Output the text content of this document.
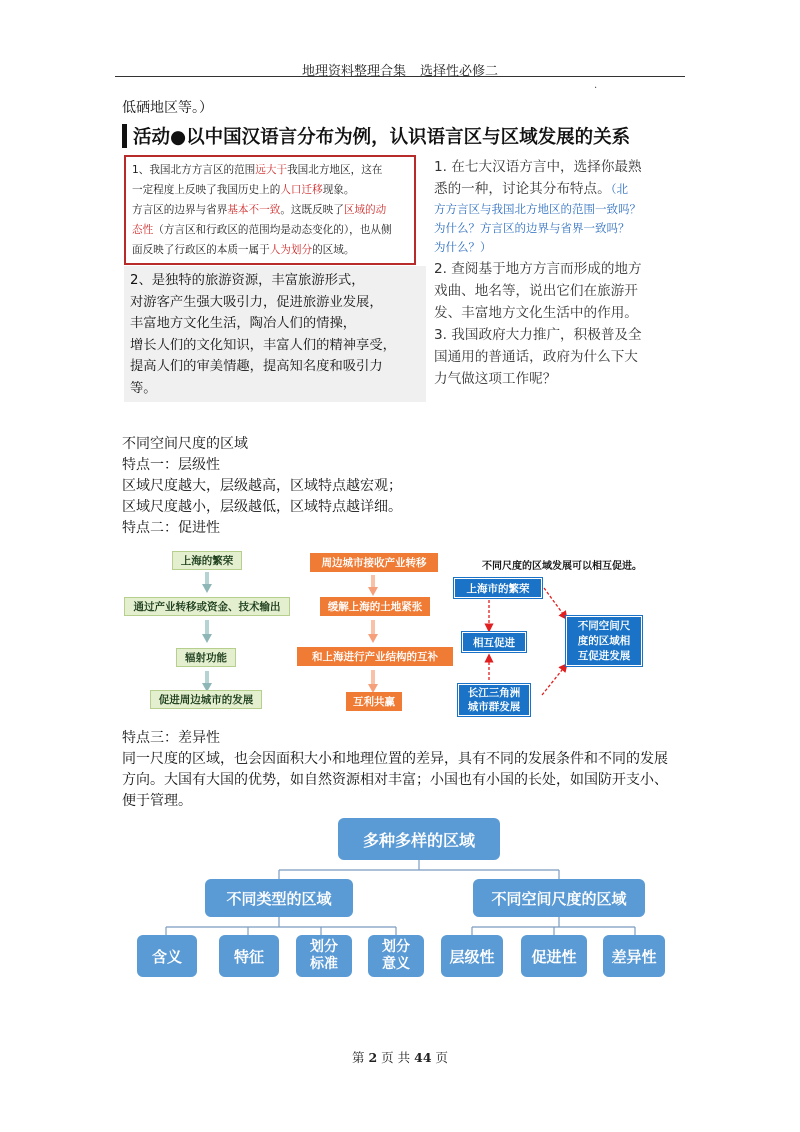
地理资料整理合集 选择性必修二
.
低硒地区等。）
活动●以中国汉语言分布为例，认识语言区与区域发展的关系
1、我国北方方言区的范围远大于我国北方地区，这在
一定程度上反映了我国历史上的人口迁移现象。
方言区的边界与省界基本不一致。这既反映了区域的动
态性（方言区和行政区的范围均是动态变化的），也从侧
面反映了行政区的本质一属于人为划分的区域。
2、是独特的旅游资源，丰富旅游形式，
对游客产生强大吸引力，促进旅游业发展，
丰富地方文化生活，陶冶人们的情操，
增长人们的文化知识，丰富人们的精神享受，
提高人们的审美情趣，提高知名度和吸引力
等。
1. 在七大汉语方言中，选择你最熟
悉的一种，讨论其分布特点。（北
方方言区与我国北方地区的范围一致吗？
为什么？方言区的边界与省界一致吗？
为什么？）
2. 查阅基于地方方言而形成的地方
戏曲、地名等，说出它们在旅游开
发、丰富地方文化生活中的作用。
3. 我国政府大力推广，积极普及全
国通用的普通话，政府为什么下大
力气做这项工作呢？
不同空间尺度的区域
特点一：层级性
区域尺度越大，层级越高，区域特点越宏观；
区域尺度越小，层级越低，区域特点越详细。
特点二：促进性
上海的繁荣
通过产业转移或资金、技术输出
辐射功能
促进周边城市的发展
周边城市接收产业转移
缓解上海的土地紧张
和上海进行产业结构的互补
互利共赢
不同尺度的区域发展可以相互促进。
上海市的繁荣
相互促进
长江三角洲
城市群发展
不同空间尺
度的区域相
互促进发展
特点三：差异性
同一尺度的区域，也会因面积大小和地理位置的差异，具有不同的发展条件和不同的发展
方向。大国有大国的优势，如自然资源相对丰富；小国也有小国的长处，如国防开支小、
便于管理。
多种多样的区域
不同类型的区域	不同空间尺度的区域
含义	特征
划分
标准
划分
意义	层级性	促进性	差异性
第 2 页 共 44 页
